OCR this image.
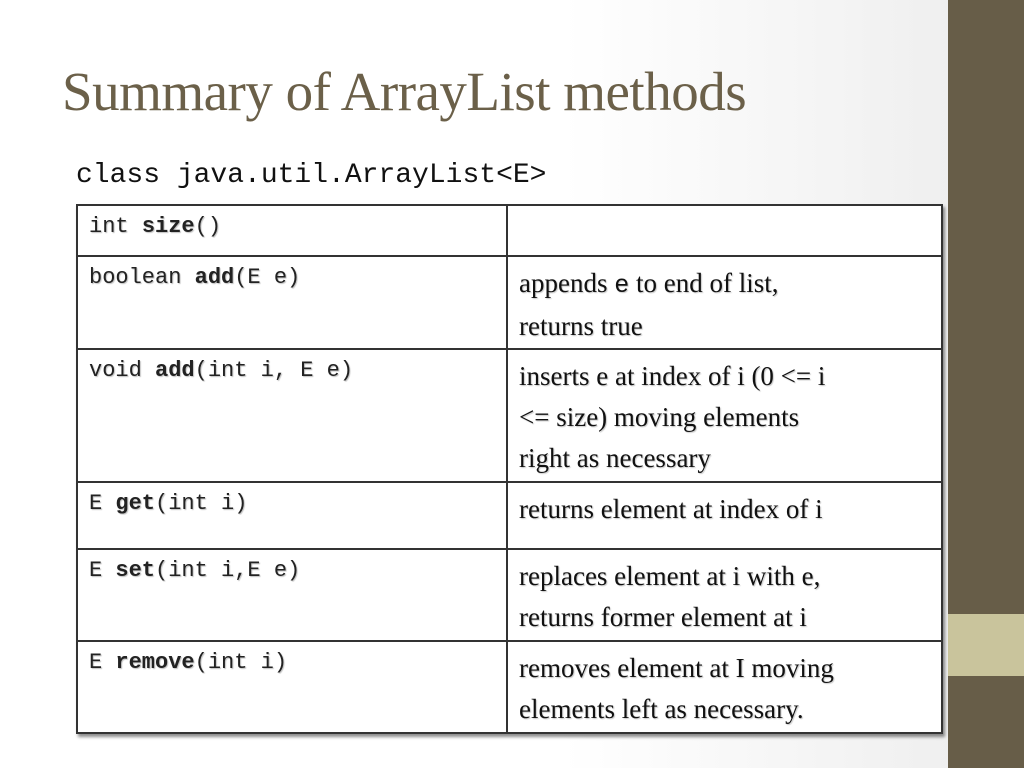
Summary of ArrayList methods
class java.util.ArrayList<E>
int size()	

boolean add(E e)	appends e to end of list,
returns true

void add(int i, E e)	inserts e at index of i (0 <= i
<= size) moving elements
right as necessary

E get(int i)	returns element at index of i

E set(int i,E e)	replaces element at i with e,
returns former element at i

E remove(int i)	removes element at I moving
elements left as necessary.
